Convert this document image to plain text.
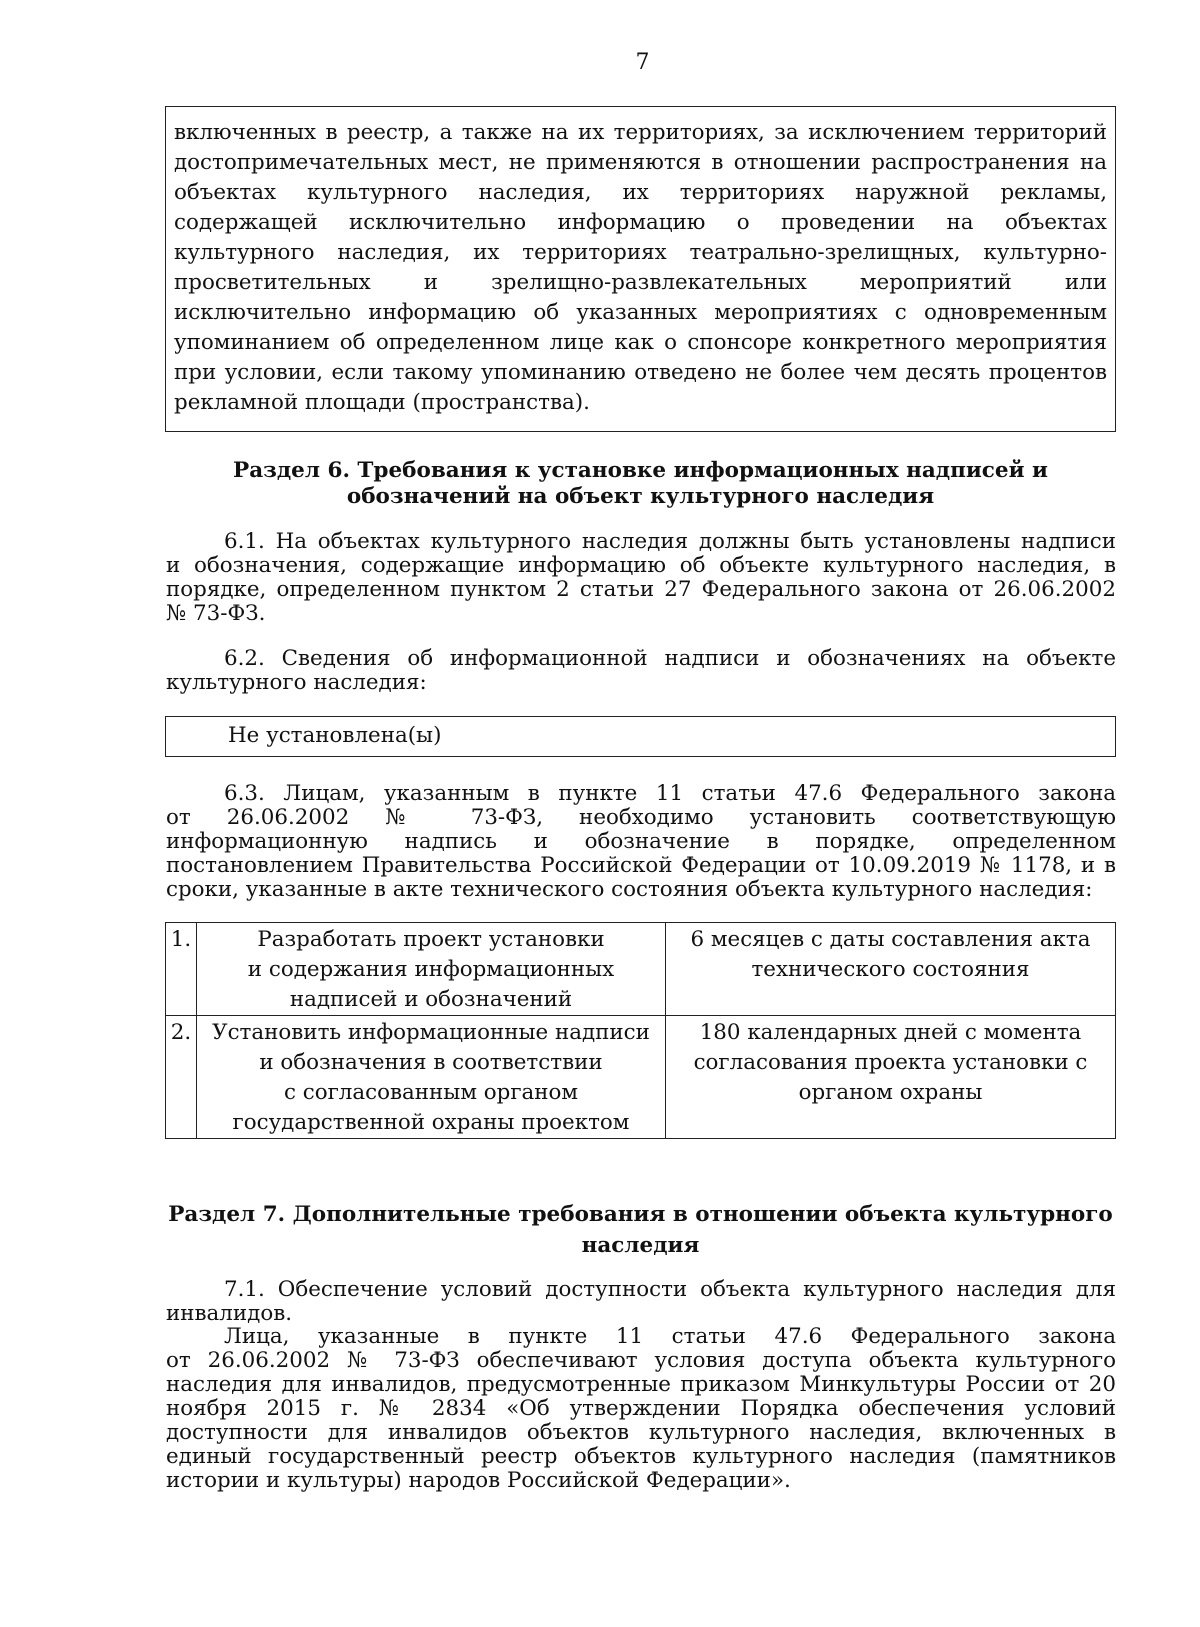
7
включенных в реестр, а также на их территориях, за исключением территорий
достопримечательных мест, не применяются в отношении распространения на
объектах культурного наследия, их территориях наружной рекламы,
содержащей исключительно информацию о проведении на объектах
культурного наследия, их территориях театрально-зрелищных, культурно-
просветительных и зрелищно-развлекательных мероприятий или
исключительно информацию об указанных мероприятиях с одновременным
упоминанием об определенном лице как о спонсоре конкретного мероприятия
при условии, если такому упоминанию отведено не более чем десять процентов
рекламной площади (пространства).
Раздел 6. Требования к установке информационных надписей и
обозначений на объект культурного наследия
6.1. На объектах культурного наследия должны быть установлены надписи
и обозначения, содержащие информацию об объекте культурного наследия, в
порядке, определенном пунктом 2 статьи 27 Федерального закона от 26.06.2002
№ 73-ФЗ.
6.2. Сведения об информационной надписи и обозначениях на объекте
культурного наследия:
Не установлена(ы)
6.3. Лицам, указанным в пункте 11 статьи 47.6 Федерального закона
от 26.06.2002 № 73-ФЗ, необходимо установить соответствующую
информационную надпись и обозначение в порядке, определенном
постановлением Правительства Российской Федерации от 10.09.2019 № 1178, и в
сроки, указанные в акте технического состояния объекта культурного наследия:
1.	Разработать проект установки
и содержания информационных
надписей и обозначений	6 месяцев с даты составления акта
технического состояния

2.	Установить информационные надписи
и обозначения в соответствии
с согласованным органом
государственной охраны проектом	180 календарных дней с момента
согласования проекта установки с
органом охраны
Раздел 7. Дополнительные требования в отношении объекта культурного
наследия
7.1. Обеспечение условий доступности объекта культурного наследия для
инвалидов.
Лица, указанные в пункте 11 статьи 47.6 Федерального закона
от 26.06.2002 № 73-ФЗ обеспечивают условия доступа объекта культурного
наследия для инвалидов, предусмотренные приказом Минкультуры России от 20
ноября 2015 г. № 2834 «Об утверждении Порядка обеспечения условий
доступности для инвалидов объектов культурного наследия, включенных в
единый государственный реестр объектов культурного наследия (памятников
истории и культуры) народов Российской Федерации».
